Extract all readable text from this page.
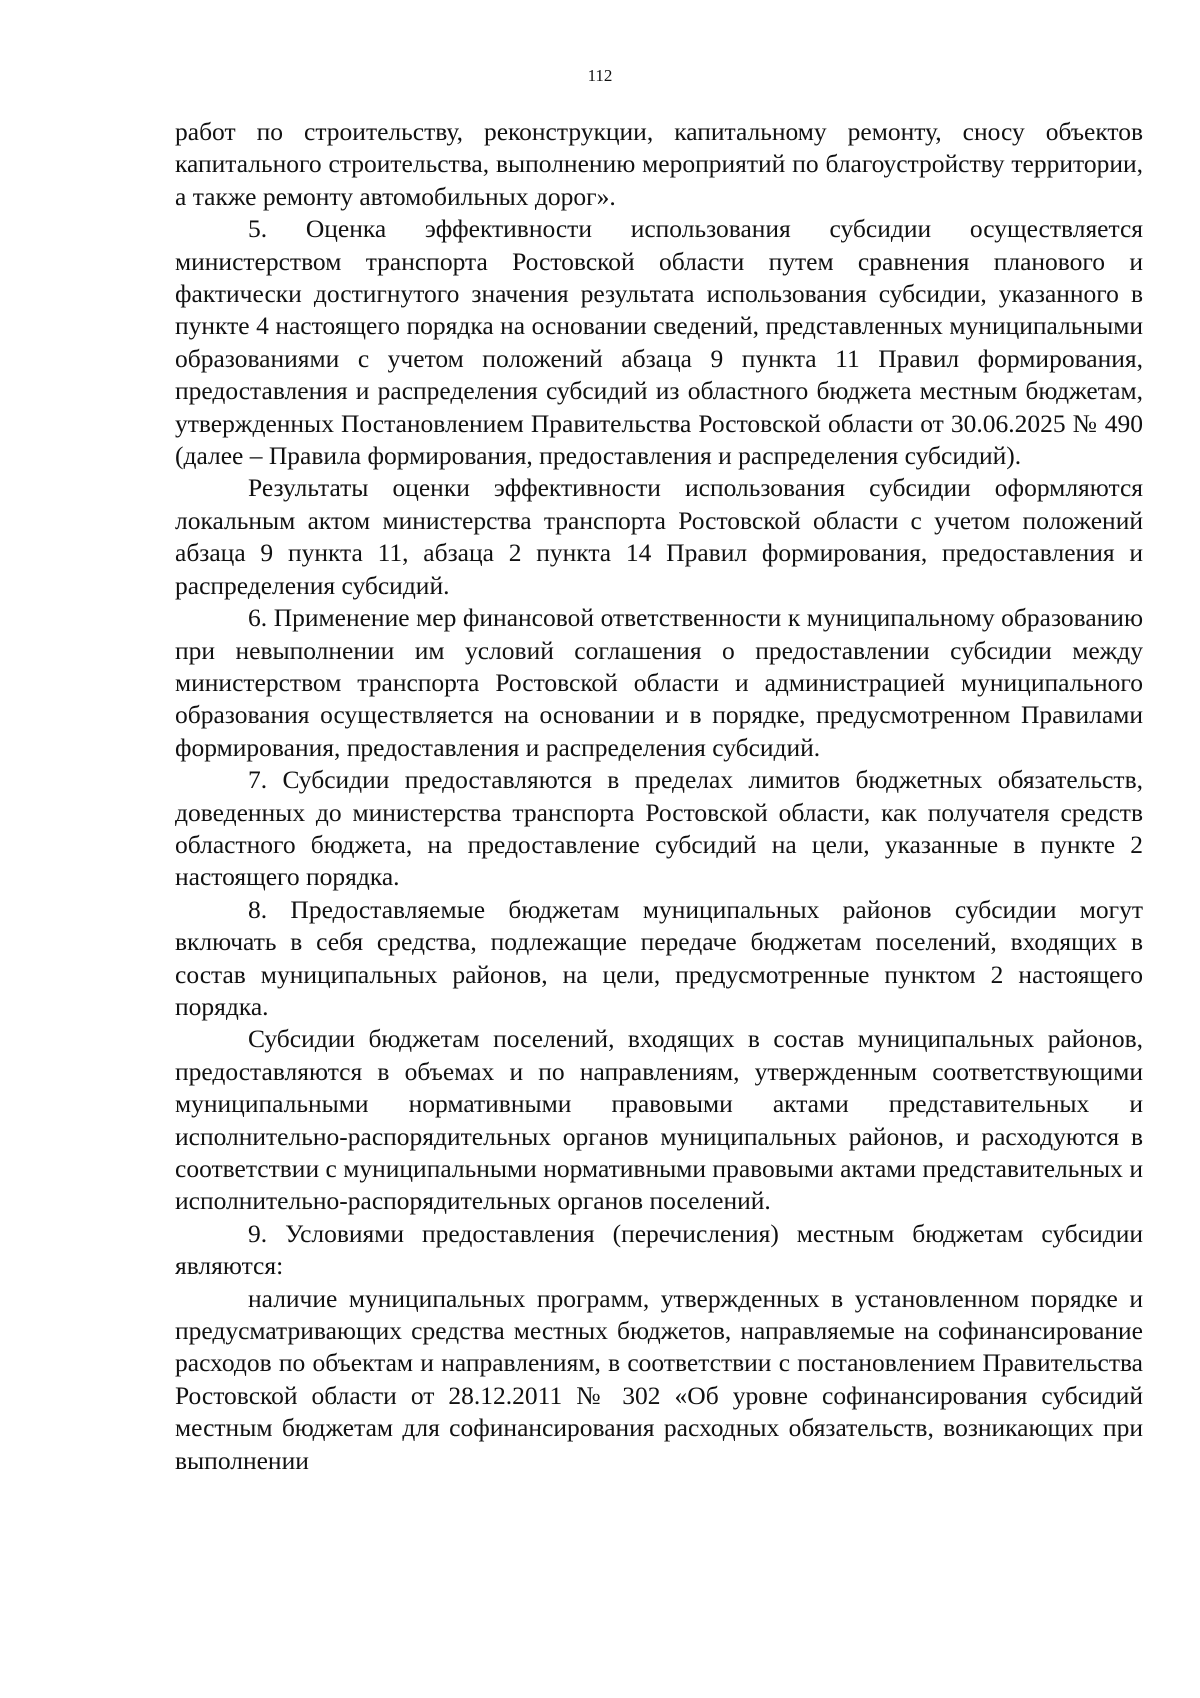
112

работ по строительству, реконструкции, капитальному ремонту, сносу объектов капитального строительства, выполнению мероприятий по благоустройству территории, а также ремонту автомобильных дорог».

5. Оценка эффективности использования субсидии осуществляется министерством транспорта Ростовской области путем сравнения планового и фактически достигнутого значения результата использования субсидии, указанного в пункте 4 настоящего порядка на основании сведений, представленных муниципальными образованиями с учетом положений абзаца 9 пункта 11 Правил формирования, предоставления и распределения субсидий из областного бюджета местным бюджетам, утвержденных Постановлением Правительства Ростовской области от 30.06.2025 № 490 (далее – Правила формирования, предоставления и распределения субсидий).

Результаты оценки эффективности использования субсидии оформляются локальным актом министерства транспорта Ростовской области с учетом положений абзаца 9 пункта 11, абзаца 2 пункта 14 Правил формирования, предоставления и распределения субсидий.

6. Применение мер финансовой ответственности к муниципальному образованию при невыполнении им условий соглашения о предоставлении субсидии между министерством транспорта Ростовской области и администрацией муниципального образования осуществляется на основании и в порядке, предусмотренном Правилами формирования, предоставления и распределения субсидий.

7. Субсидии предоставляются в пределах лимитов бюджетных обязательств, доведенных до министерства транспорта Ростовской области, как получателя средств областного бюджета, на предоставление субсидий на цели, указанные в пункте 2 настоящего порядка.

8. Предоставляемые бюджетам муниципальных районов субсидии могут включать в себя средства, подлежащие передаче бюджетам поселений, входящих в состав муниципальных районов, на цели, предусмотренные пунктом 2 настоящего порядка.

Субсидии бюджетам поселений, входящих в состав муниципальных районов, предоставляются в объемах и по направлениям, утвержденным соответствующими муниципальными нормативными правовыми актами представительных и исполнительно-распорядительных органов муниципальных районов, и расходуются в соответствии с муниципальными нормативными правовыми актами представительных и исполнительно-распорядительных органов поселений.

9. Условиями предоставления (перечисления) местным бюджетам субсидии являются:

наличие муниципальных программ, утвержденных в установленном порядке и предусматривающих средства местных бюджетов, направляемые на софинансирование расходов по объектам и направлениям, в соответствии с постановлением Правительства Ростовской области от 28.12.2011 № 302 «Об уровне софинансирования субсидий местным бюджетам для софинансирования расходных обязательств, возникающих при выполнении
